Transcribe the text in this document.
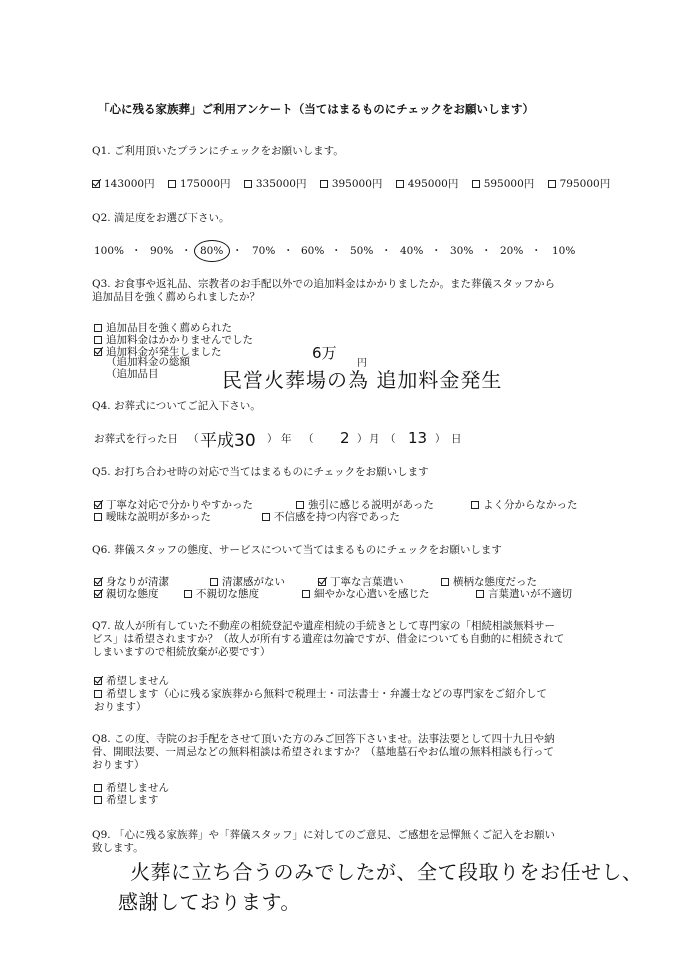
「心に残る家族葬」ご利用アンケート（当てはまるものにチェックをお願いします）
Q1. ご利用頂いたプランにチェックをお願いします。
143000円 175000円 335000円 395000円 495000円 595000円 795000円
Q2. 満足度をお選び下さい。
100% ・ 90% ・ 80% ・ 70% ・ 60% ・ 50% ・ 40% ・ 30% ・ 20% ・ 10%
Q3. お食事や返礼品、宗教者のお手配以外での追加料金はかかりましたか。また葬儀スタッフから
追加品目を強く薦められましたか？
追加品目を強く薦められた
追加料金はかかりませんでした
追加料金が発生しました
（追加料金の総額
（追加品目
6万
円
民営火葬場の為 追加料金発生
Q4. お葬式についてご記入下さい。
お葬式を行った日 （ 平成30 ） 年 （ 2 ） 月 （ 13 ） 日
Q5. お打ち合わせ時の対応で当てはまるものにチェックをお願いします
丁寧な対応で分かりやすかった	強引に感じる説明があった	よく分からなかった
曖昧な説明が多かった	不信感を持つ内容であった
Q6. 葬儀スタッフの態度、サービスについて当てはまるものにチェックをお願いします
身なりが清潔	清潔感がない	丁寧な言葉遣い	横柄な態度だった
親切な態度	不親切な態度	細やかな心遣いを感じた	言葉遣いが不適切
Q7. 故人が所有していた不動産の相続登記や遺産相続の手続きとして専門家の「相続相談無料サー
ビス」は希望されますか？（故人が所有する遺産は勿論ですが、借金についても自動的に相続されて
しまいますので相続放棄が必要です）
希望しません
希望します（心に残る家族葬から無料で税理士・司法書士・弁護士などの専門家をご紹介して
おります）
Q8. この度、寺院のお手配をさせて頂いた方のみご回答下さいませ。法事法要として四十九日や納
骨、開眼法要、一周忌などの無料相談は希望されますか？（墓地墓石やお仏壇の無料相談も行って
おります）
希望しません
希望します
Q9. 「心に残る家族葬」や「葬儀スタッフ」に対してのご意見、ご感想を忌憚無くご記入をお願い
致します。
火葬に立ち合うのみでしたが、全て段取りをお任せし、
感謝しております。
